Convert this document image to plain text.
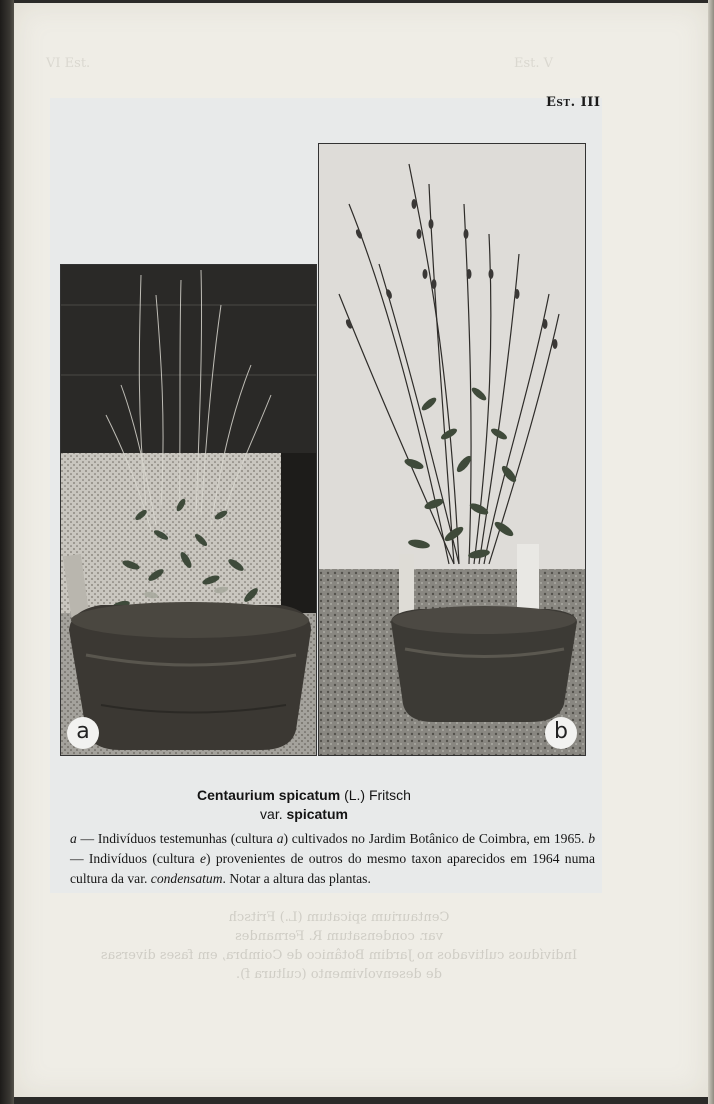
VI Est.	Est. V
Centaurium spicatum (L.) Fritsch
var. condensatum R. Fernandes
Indivíduos cultivados no Jardim Botânico de Coimbra, em fases diversas
de desenvolvimento (cultura f).
Est. III
a	b
Centaurium spicatum (L.) Fritsch
var. spicatum
a — Indivíduos testemunhas (cultura a) cultivados no Jardim Botânico de Coimbra, em 1965. b — Indivíduos (cultura e) provenientes de outros do mesmo taxon aparecidos em 1964 numa cultura da var. condensatum. Notar a altura das plantas.
